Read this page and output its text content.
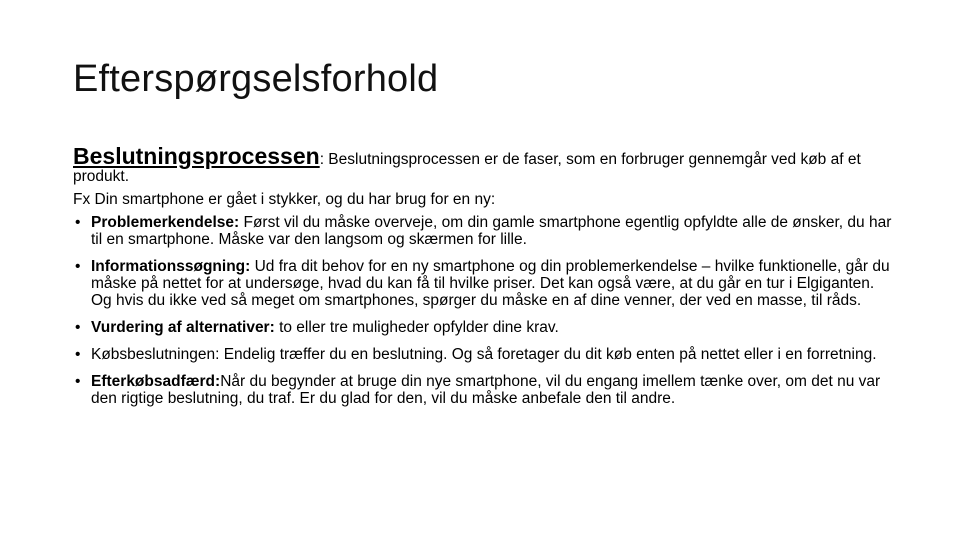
Efterspørgselsforhold
Beslutningsprocessen: Beslutningsprocessen er de faser, som en forbruger gennemgår ved køb af et produkt.
Fx Din smartphone er gået i stykker, og du har brug for en ny:
• Problemerkendelse: Først vil du måske overveje, om din gamle smartphone egentlig opfyldte alle de ønsker, du har til en smartphone. Måske var den langsom og skærmen for lille.
• Informationssøgning: Ud fra dit behov for en ny smartphone og din problemerkendelse – hvilke funktionelle, går du måske på nettet for at undersøge, hvad du kan få til hvilke priser. Det kan også være, at du går en tur i Elgiganten. Og hvis du ikke ved så meget om smartphones, spørger du måske en af dine venner, der ved en masse, til råds.
• Vurdering af alternativer: to eller tre muligheder opfylder dine krav.
• Købsbeslutningen: Endelig træffer du en beslutning. Og så foretager du dit køb enten på nettet eller i en forretning.
• Efterkøbsadfærd:Når du begynder at bruge din nye smartphone, vil du engang imellem tænke over, om det nu var den rigtige beslutning, du traf. Er du glad for den, vil du måske anbefale den til andre.
